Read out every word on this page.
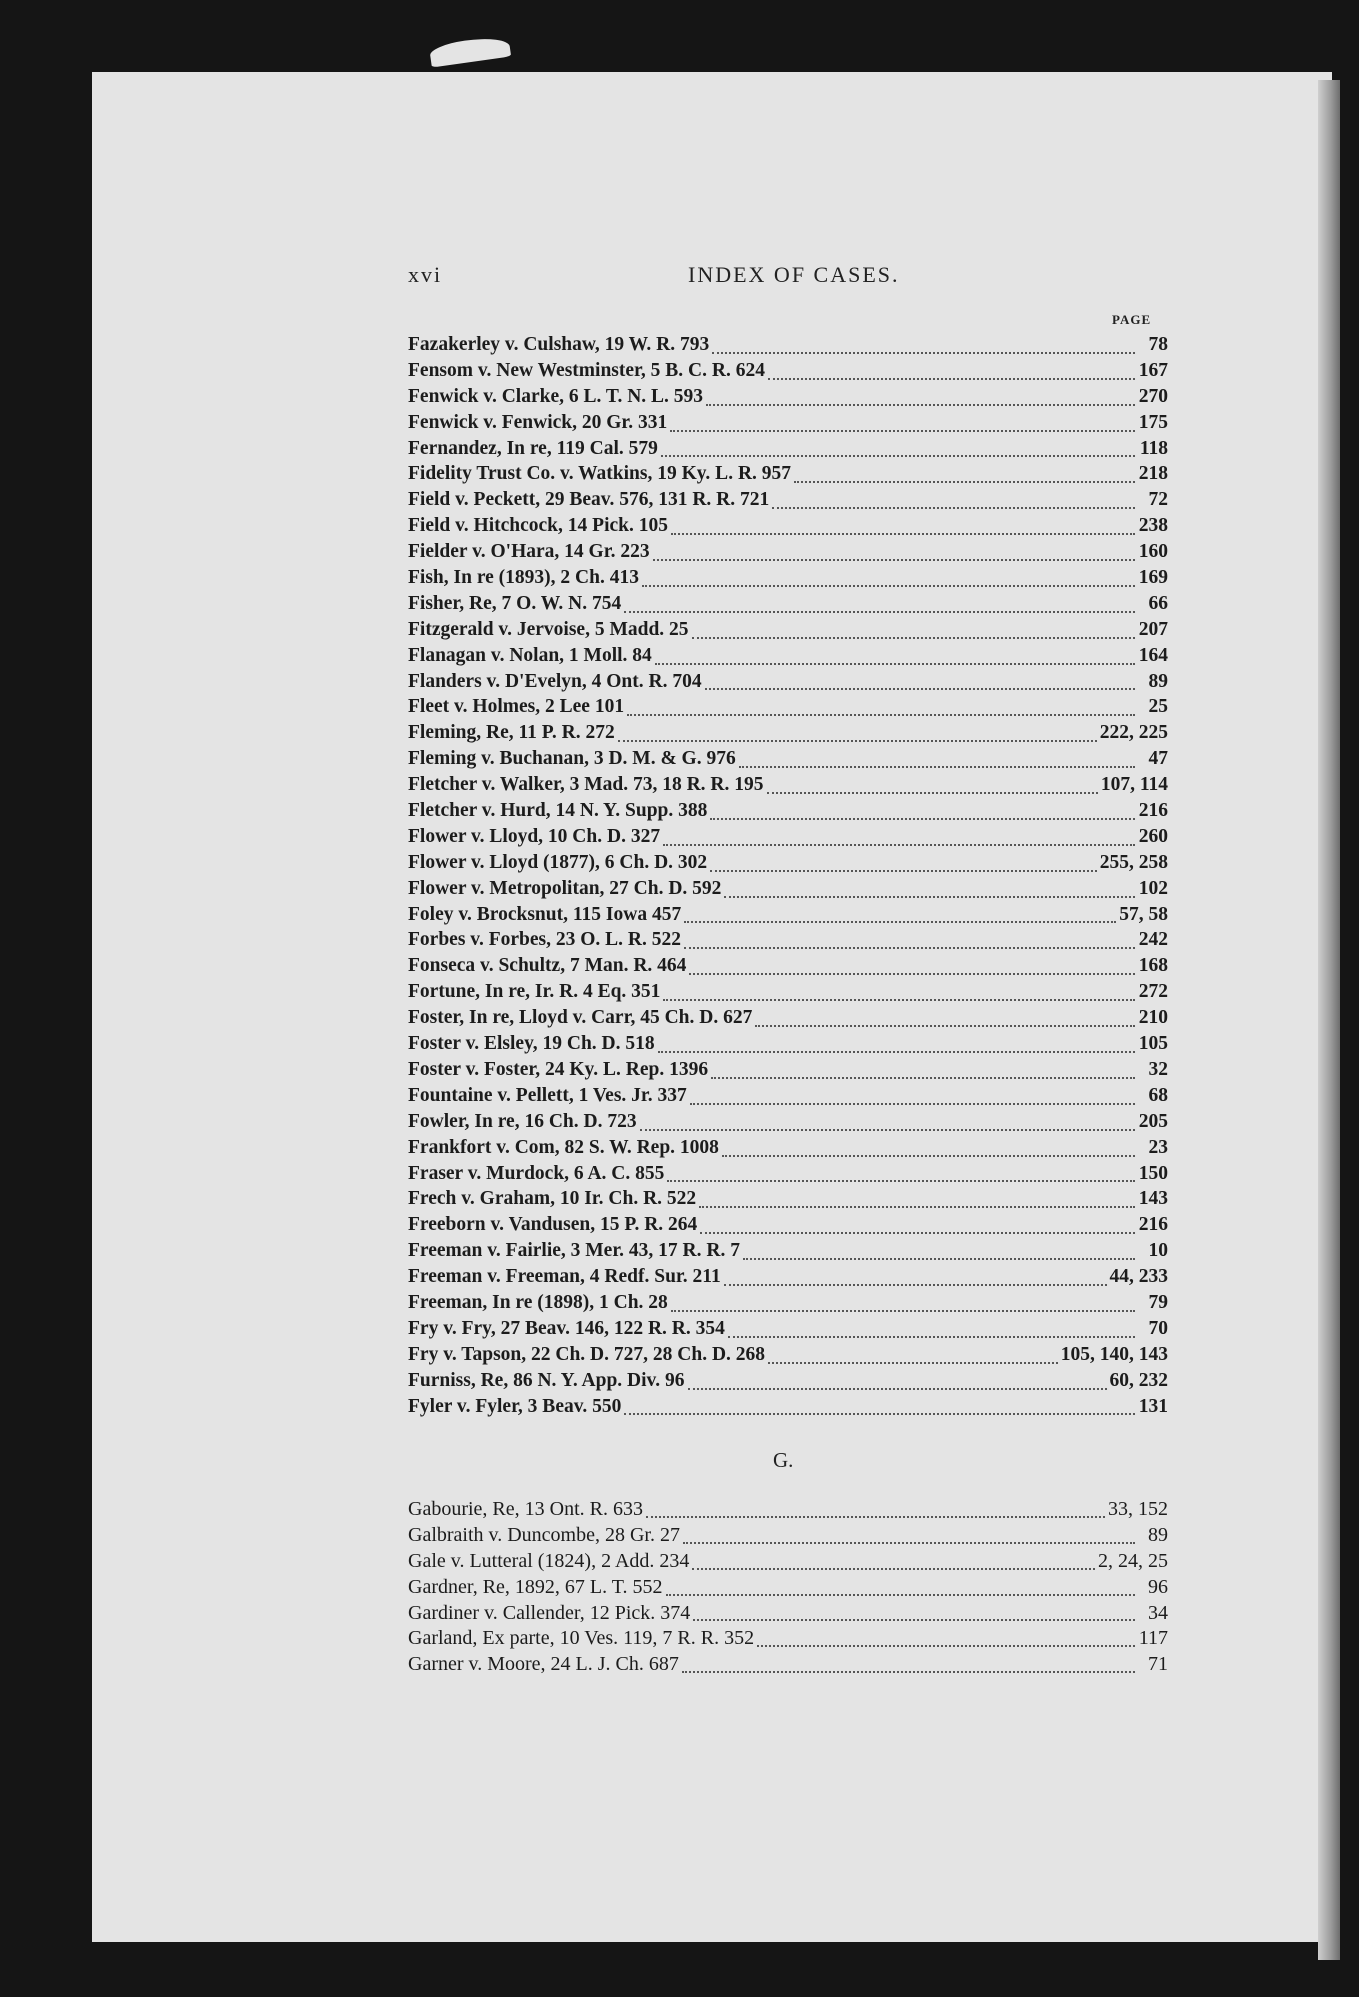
xvi	INDEX OF CASES.
PAGE
Fazakerley v. Culshaw, 19 W. R. 793	78
Fensom v. New Westminster, 5 B. C. R. 624	167
Fenwick v. Clarke, 6 L. T. N. L. 593	270
Fenwick v. Fenwick, 20 Gr. 331	175
Fernandez, In re, 119 Cal. 579	118
Fidelity Trust Co. v. Watkins, 19 Ky. L. R. 957	218
Field v. Peckett, 29 Beav. 576, 131 R. R. 721	72
Field v. Hitchcock, 14 Pick. 105	238
Fielder v. O'Hara, 14 Gr. 223	160
Fish, In re (1893), 2 Ch. 413	169
Fisher, Re, 7 O. W. N. 754	66
Fitzgerald v. Jervoise, 5 Madd. 25	207
Flanagan v. Nolan, 1 Moll. 84	164
Flanders v. D'Evelyn, 4 Ont. R. 704	89
Fleet v. Holmes, 2 Lee 101	25
Fleming, Re, 11 P. R. 272	222, 225
Fleming v. Buchanan, 3 D. M. & G. 976	47
Fletcher v. Walker, 3 Mad. 73, 18 R. R. 195	107, 114
Fletcher v. Hurd, 14 N. Y. Supp. 388	216
Flower v. Lloyd, 10 Ch. D. 327	260
Flower v. Lloyd (1877), 6 Ch. D. 302	255, 258
Flower v. Metropolitan, 27 Ch. D. 592	102
Foley v. Brocksnut, 115 Iowa 457	57, 58
Forbes v. Forbes, 23 O. L. R. 522	242
Fonseca v. Schultz, 7 Man. R. 464	168
Fortune, In re, Ir. R. 4 Eq. 351	272
Foster, In re, Lloyd v. Carr, 45 Ch. D. 627	210
Foster v. Elsley, 19 Ch. D. 518	105
Foster v. Foster, 24 Ky. L. Rep. 1396	32
Fountaine v. Pellett, 1 Ves. Jr. 337	68
Fowler, In re, 16 Ch. D. 723	205
Frankfort v. Com, 82 S. W. Rep. 1008	23
Fraser v. Murdock, 6 A. C. 855	150
Frech v. Graham, 10 Ir. Ch. R. 522	143
Freeborn v. Vandusen, 15 P. R. 264	216
Freeman v. Fairlie, 3 Mer. 43, 17 R. R. 7	10
Freeman v. Freeman, 4 Redf. Sur. 211	44, 233
Freeman, In re (1898), 1 Ch. 28	79
Fry v. Fry, 27 Beav. 146, 122 R. R. 354	70
Fry v. Tapson, 22 Ch. D. 727, 28 Ch. D. 268	105, 140, 143
Furniss, Re, 86 N. Y. App. Div. 96	60, 232
Fyler v. Fyler, 3 Beav. 550	131
G.
Gabourie, Re, 13 Ont. R. 633	33, 152
Galbraith v. Duncombe, 28 Gr. 27	89
Gale v. Lutteral (1824), 2 Add. 234	2, 24, 25
Gardner, Re, 1892, 67 L. T. 552	96
Gardiner v. Callender, 12 Pick. 374	34
Garland, Ex parte, 10 Ves. 119, 7 R. R. 352	117
Garner v. Moore, 24 L. J. Ch. 687	71
